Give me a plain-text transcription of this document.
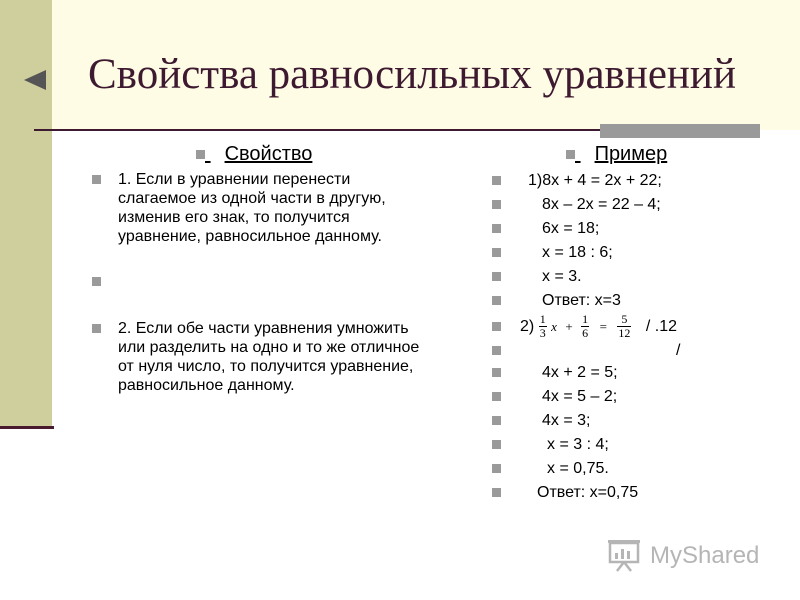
Свойства равносильных уравнений
Свойство
1. Если в уравнении перенести слагаемое из одной части в другую, изменив его знак, то получится уравнение, равносильное данному.
2. Если обе части уравнения умножить или разделить на одно и то же отличное от нуля число, то получится уравнение, равносильное данному.
Пример
1)8х + 4 = 2х + 22;
8х – 2х = 22 – 4;
6х = 18;
х = 18 : 6;
х = 3.
Ответ: х=3
$2) \frac{1}{3}$ $x + \frac{1}{6} = \frac{5}{12} / .12$
/
4х + 2 = 5;
4х = 5 – 2;
4х = 3;
х = 3 : 4;
х = 0,75.
Ответ: х=0,75
MyShared
